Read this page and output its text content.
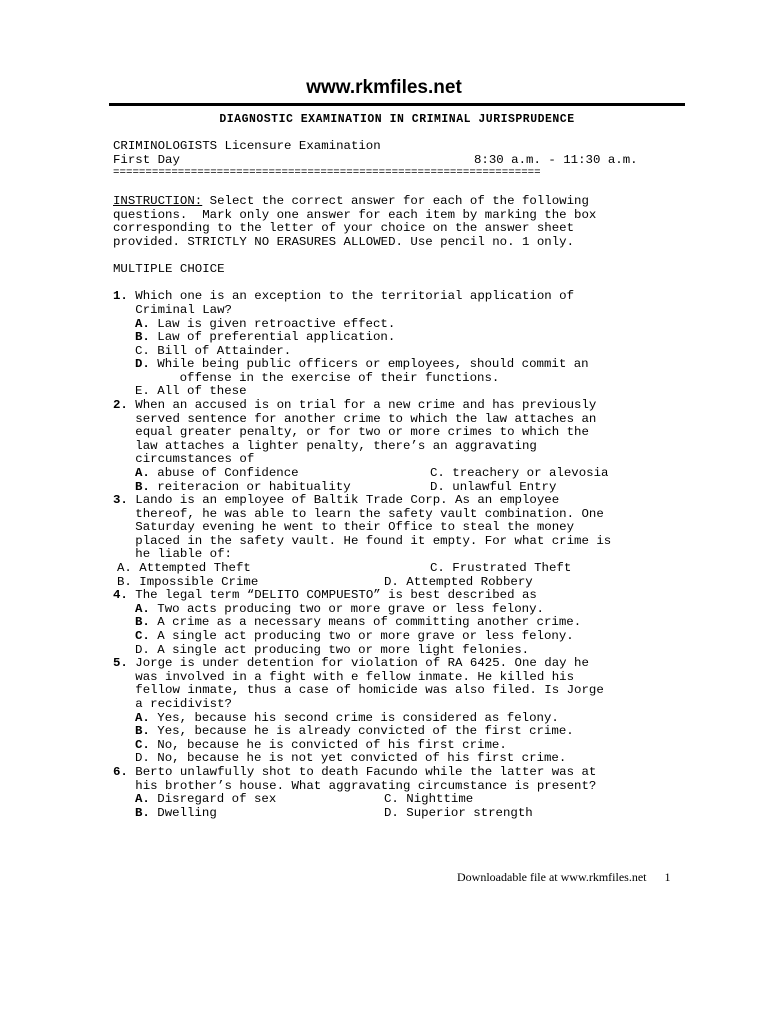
www.rkmfiles.net
DIAGNOSTIC EXAMINATION IN CRIMINAL JURISPRUDENCE
CRIMINOLOGISTS Licensure Examination
First Day	8:30 a.m. - 11:30 a.m.
==================================================================
INSTRUCTION: Select the correct answer for each of the following
questions.  Mark only one answer for each item by marking the box
corresponding to the letter of your choice on the answer sheet
provided. STRICTLY NO ERASURES ALLOWED. Use pencil no. 1 only.
MULTIPLE CHOICE
1. Which one is an exception to the territorial application of
Criminal Law?
A. Law is given retroactive effect.
B. Law of preferential application.
C. Bill of Attainder.
D. While being public officers or employees, should commit an
offense in the exercise of their functions.
E. All of these
2. When an accused is on trial for a new crime and has previously
served sentence for another crime to which the law attaches an
equal greater penalty, or for two or more crimes to which the
law attaches a lighter penalty, there’s an aggravating
circumstances of
A. abuse of Confidence	C. treachery or alevosia
B. reiteracion or habituality	D. unlawful Entry
3. Lando is an employee of Baltik Trade Corp. As an employee
thereof, he was able to learn the safety vault combination. One
Saturday evening he went to their Office to steal the money
placed in the safety vault. He found it empty. For what crime is
he liable of:
A. Attempted Theft	C. Frustrated Theft
B. Impossible Crime	D. Attempted Robbery
4. The legal term “DELITO COMPUESTO” is best described as
A. Two acts producing two or more grave or less felony.
B. A crime as a necessary means of committing another crime.
C. A single act producing two or more grave or less felony.
D. A single act producing two or more light felonies.
5. Jorge is under detention for violation of RA 6425. One day he
was involved in a fight with e fellow inmate. He killed his
fellow inmate, thus a case of homicide was also filed. Is Jorge
a recidivist?
A. Yes, because his second crime is considered as felony.
B. Yes, because he is already convicted of the first crime.
C. No, because he is convicted of his first crime.
D. No, because he is not yet convicted of his first crime.
6. Berto unlawfully shot to death Facundo while the latter was at
his brother’s house. What aggravating circumstance is present?
A. Disregard of sex	C. Nighttime
B. Dwelling	D. Superior strength
Downloadable file at www.rkmfiles.net 1
